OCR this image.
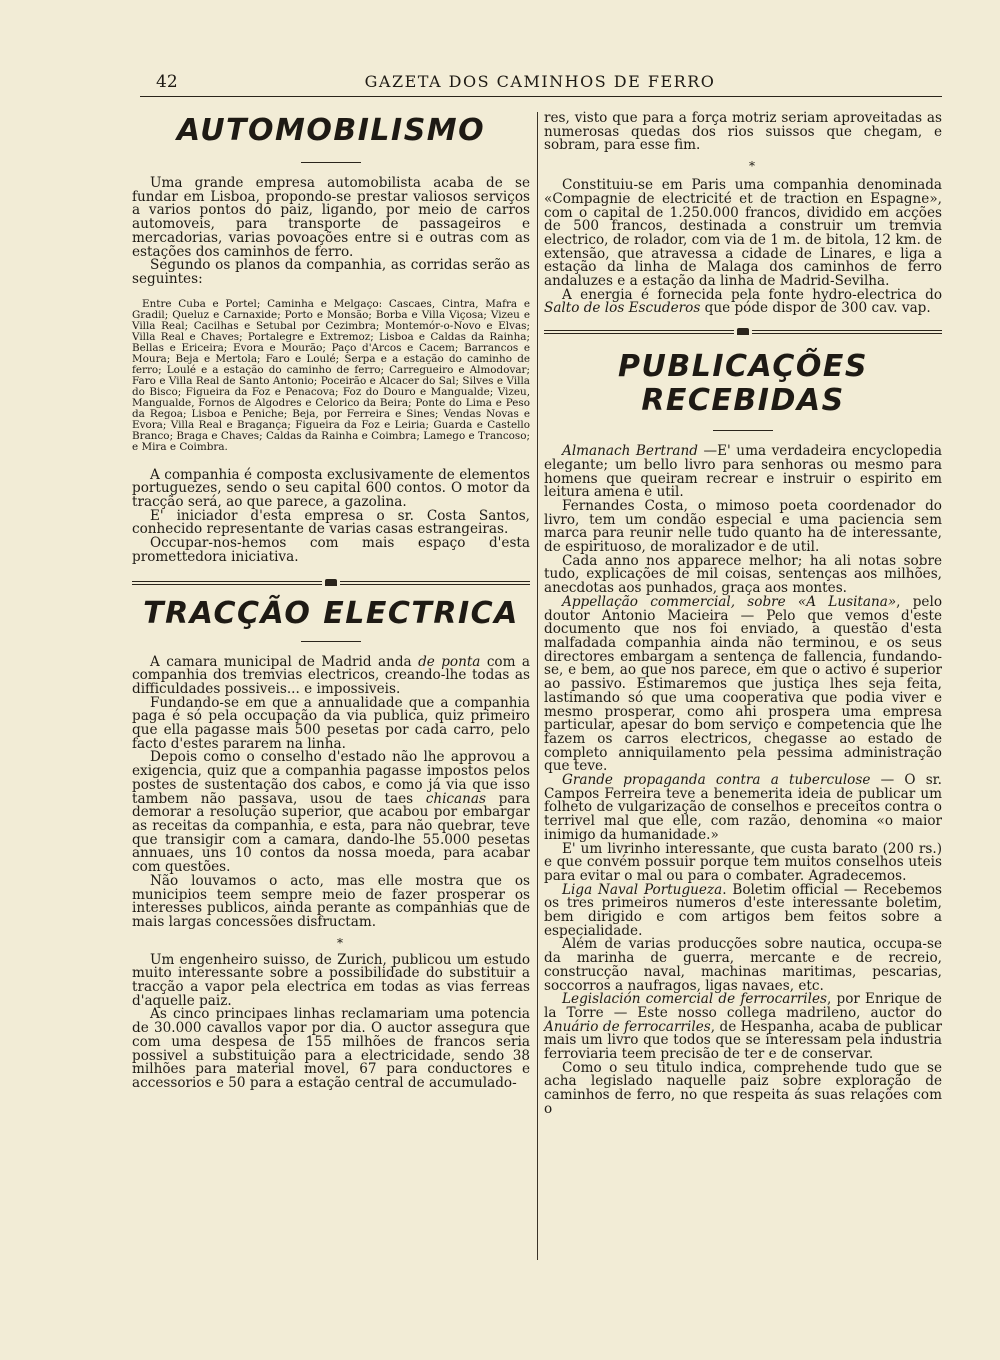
42	GAZETA DOS CAMINHOS DE FERRO
AUTOMOBILISMO

Uma grande empresa automobilista acaba de se fundar em Lisboa, propondo-se prestar valiosos serviços a varios pontos do paiz, ligando, por meio de carros automoveis, para transporte de passageiros e mercadorias, varias povoações entre si e outras com as estações dos caminhos de ferro.

Segundo os planos da companhia, as corridas serão as seguintes:

Entre Cuba e Portel; Caminha e Melgaço: Cascaes, Cintra, Mafra e Gradil; Queluz e Carnaxide; Porto e Monsão; Borba e Villa Viçosa; Vizeu e Villa Real; Cacilhas e Setubal por Cezimbra; Montemór-o-Novo e Elvas; Villa Real e Chaves; Portalegre e Extremoz; Lisboa e Caldas da Rainha; Bellas e Ericeira; Evora e Mourão; Paço d'Arcos e Cacem; Barrancos e Moura; Beja e Mertola; Faro e Loulé; Serpa e a estação do caminho de ferro; Loulé e a estação do caminho de ferro; Carregueiro e Almodovar; Faro e Villa Real de Santo Antonio; Poceirão e Alcacer do Sal; Silves e Villa do Bisco; Figueira da Foz e Penacova; Foz do Douro e Mangualde; Vizeu, Mangualde, Fornos de Algodres e Celorico da Beira; Ponte do Lima e Peso da Regoa; Lisboa e Peniche; Beja, por Ferreira e Sines; Vendas Novas e Evora; Villa Real e Bragança; Figueira da Foz e Leiria; Guarda e Castello Branco; Braga e Chaves; Caldas da Rainha e Coimbra; Lamego e Trancoso; e Mira e Coimbra.

A companhia é composta exclusivamente de elementos portuguezes, sendo o seu capital 600 contos. O motor da tracção será, ao que parece, a gazolina.

E' iniciador d'esta empresa o sr. Costa Santos, conhecido representante de varias casas estrangeiras.

Occupar-nos-hemos com mais espaço d'esta promettedora iniciativa.

TRACÇÃO ELECTRICA

A camara municipal de Madrid anda de ponta com a companhia dos tremvias electricos, creando-lhe todas as difficuldades possiveis... e impossiveis.

Fundando-se em que a annualidade que a companhia paga é só pela occupação da via publica, quiz primeiro que ella pagasse mais 500 pesetas por cada carro, pelo facto d'estes pararem na linha.

Depois como o conselho d'estado não lhe approvou a exigencia, quiz que a companhia pagasse impostos pelos postes de sustentação dos cabos, e como já via que isso tambem não passava, usou de taes chicanas para demorar a resolução superior, que acabou por embargar as receitas da companhia, e esta, para não quebrar, teve que transigir com a camara, dando-lhe 55.000 pesetas annuaes, uns 10 contos da nossa moeda, para acabar com questões.

Não louvamos o acto, mas elle mostra que os municipios teem sempre meio de fazer prosperar os interesses publicos, ainda perante as companhias que de mais largas concessões disfructam.

*

Um engenheiro suisso, de Zurich, publicou um estudo muito interessante sobre a possibilidade do substituir a tracção a vapor pela electrica em todas as vias ferreas d'aquelle paiz.

As cinco principaes linhas reclamariam uma potencia de 30.000 cavallos vapor por dia. O auctor assegura que com uma despesa de 155 milhões de francos seria possivel a substituição para a electricidade, sendo 38 milhões para material movel, 67 para conductores e accessorios e 50 para a estação central de accumulado-

res, visto que para a força motriz seriam aproveitadas as numerosas quedas dos rios suissos que chegam, e sobram, para esse fim.

*

Constituiu-se em Paris uma companhia denominada «Compagnie de electricité et de traction en Espagne», com o capital de 1.250.000 francos, dividido em acções de 500 francos, destinada a construir um tremvia electrico, de rolador, com via de 1 m. de bitola, 12 km. de extensão, que atravessa a cidade de Linares, e liga a estação da linha de Malaga dos caminhos de ferro andaluzes e a estação da linha de Madrid-Sevilha.

A energia é fornecida pela fonte hydro-electrica do Salto de los Escuderos que póde dispor de 300 cav. vap.

PUBLICAÇÕES RECEBIDAS

Almanach Bertrand —E' uma verdadeira encyclopedia elegante; um bello livro para senhoras ou mesmo para homens que queiram recrear e instruir o espirito em leitura amena e util.

Fernandes Costa, o mimoso poeta coordenador do livro, tem um condão especial e uma paciencia sem marca para reunir nelle tudo quanto ha de interessante, de espirituoso, de moralizador e de util.

Cada anno nos apparece melhor; ha ali notas sobre tudo, explicações de mil coisas, sentenças aos milhões, anecdotas aos punhados, graça aos montes.

Appellação commercial, sobre «A Lusitana», pelo doutor Antonio Macieira — Pelo que vemos d'este documento que nos foi enviado, a questão d'esta malfadada companhia ainda não terminou, e os seus directores embargam a sentença de fallencia, fundando-se, e bem, ao que nos parece, em que o activo é superior ao passivo. Estimaremos que justiça lhes seja feita, lastimando só que uma cooperativa que podia viver e mesmo prosperar, como ahi prospera uma empresa particular, apesar do bom serviço e competencia que lhe fazem os carros electricos, chegasse ao estado de completo anniquilamento pela pessima administração que teve.

Grande propaganda contra a tuberculose — O sr. Campos Ferreira teve a benemerita ideia de publicar um folheto de vulgarização de conselhos e preceitos contra o terrivel mal que elle, com razão, denomina «o maior inimigo da humanidade.»

E' um livrinho interessante, que custa barato (200 rs.) e que convém possuir porque tem muitos conselhos uteis para evitar o mal ou para o combater. Agradecemos.

Liga Naval Portugueza. Boletim official — Recebemos os tres primeiros numeros d'este interessante boletim, bem dirigido e com artigos bem feitos sobre a especialidade.

Além de varias producções sobre nautica, occupa-se da marinha de guerra, mercante e de recreio, construcção naval, machinas maritimas, pescarias, soccorros a naufragos, ligas navaes, etc.

Legislación comercial de ferrocarriles, por Enrique de la Torre — Este nosso collega madrileno, auctor do Anuário de ferrocarriles, de Hespanha, acaba de publicar mais um livro que todos que se interessam pela industria ferroviaria teem precisão de ter e de conservar.

Como o seu titulo indica, comprehende tudo que se acha legislado naquelle paiz sobre exploração de caminhos de ferro, no que respeita ás suas relações com o
